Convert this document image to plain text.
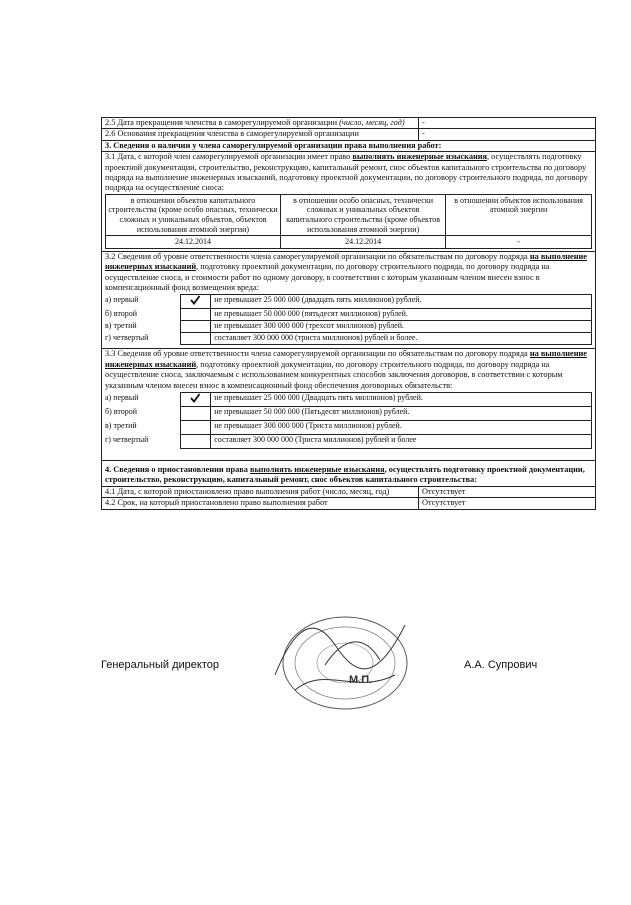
2.5 Дата прекращения членства в саморегулируемой организации (число, месяц, год)	-
2.6 Основания прекращения членства в саморегулируемой организации	-
3. Сведения о наличии у члена саморегулируемой организации права выполнения работ:
3.1 Дата, с которой член саморегулируемой организации имеет право выполнять инженерные изыскания, осуществлять подготовку проектной документации, строительство, реконструкцию, капитальный ремонт, снос объектов капитального строительства по договору подряда на выполнение инженерных изысканий, подготовку проектной документации, по договору строительного подряда, по договору подряда на осуществление сноса:
в отношении объектов капитального строительства (кроме особо опасных, технически сложных и уникальных объектов, объектов использования атомной энергии)	в отношении особо опасных, технически сложных и уникальных объектов капитального строительства (кроме объектов использования атомной энергии)	в отношении объектов использования атомной энергии
24.12.2014	24.12.2014	-

3.2 Сведения об уровне ответственности члена саморегулируемой организации по обязательствам по договору подряда на выполнение инженерных изысканий, подготовку проектной документации, по договору строительного подряда, по договору подряда на осуществление сноса, и стоимости работ по одному договору, в соответствии с которым указанным членом внесен взнос в компенсационный фонд возмещения вреда:
а) первый		не превышает 25 000 000 (двадцать пять миллионов) рублей.
б) второй		не превышает 50 000 000 (пятьдесят миллионов) рублей.
в) третий		не превышает 300 000 000 (трехсот миллионов) рублей.
г) четвертый		составляет 300 000 000 (триста миллионов) рублей и более.

3.3 Сведения об уровне ответственности члена саморегулируемой организации по обязательствам по договору подряда на выполнение инженерных изысканий, подготовку проектной документации, по договору строительного подряда, по договору подряда на осуществление сноса, заключаемым с использованием конкурентных способов заключения договоров, в соответствии с которым указанным членом внесен взнос в компенсационный фонд обеспечения договорных обязательств:
а) первый		не превышает 25 000 000 (Двадцать пять миллионов) рублей.
б) второй		не превышает 50 000 000 (Пятьдесят миллионов) рублей.
в) третий		не превышает 300 000 000 (Триста миллионов) рублей.
г) четвертый		составляет 300 000 000 (Триста миллионов) рублей и более

4. Сведения о приостановлении права выполнять инженерные изыскания, осуществлять подготовку проектной документации, строительство, реконструкцию, капитальный ремонт, снос объектов капитального строительства:
4.1 Дата, с которой приостановлено право выполнения работ (число, месяц, год)	Отсутствует
4.2 Срок, на который приостановлено право выполнения работ	Отсутствует
Генеральный директор	А.А. Супрович
М.П.
